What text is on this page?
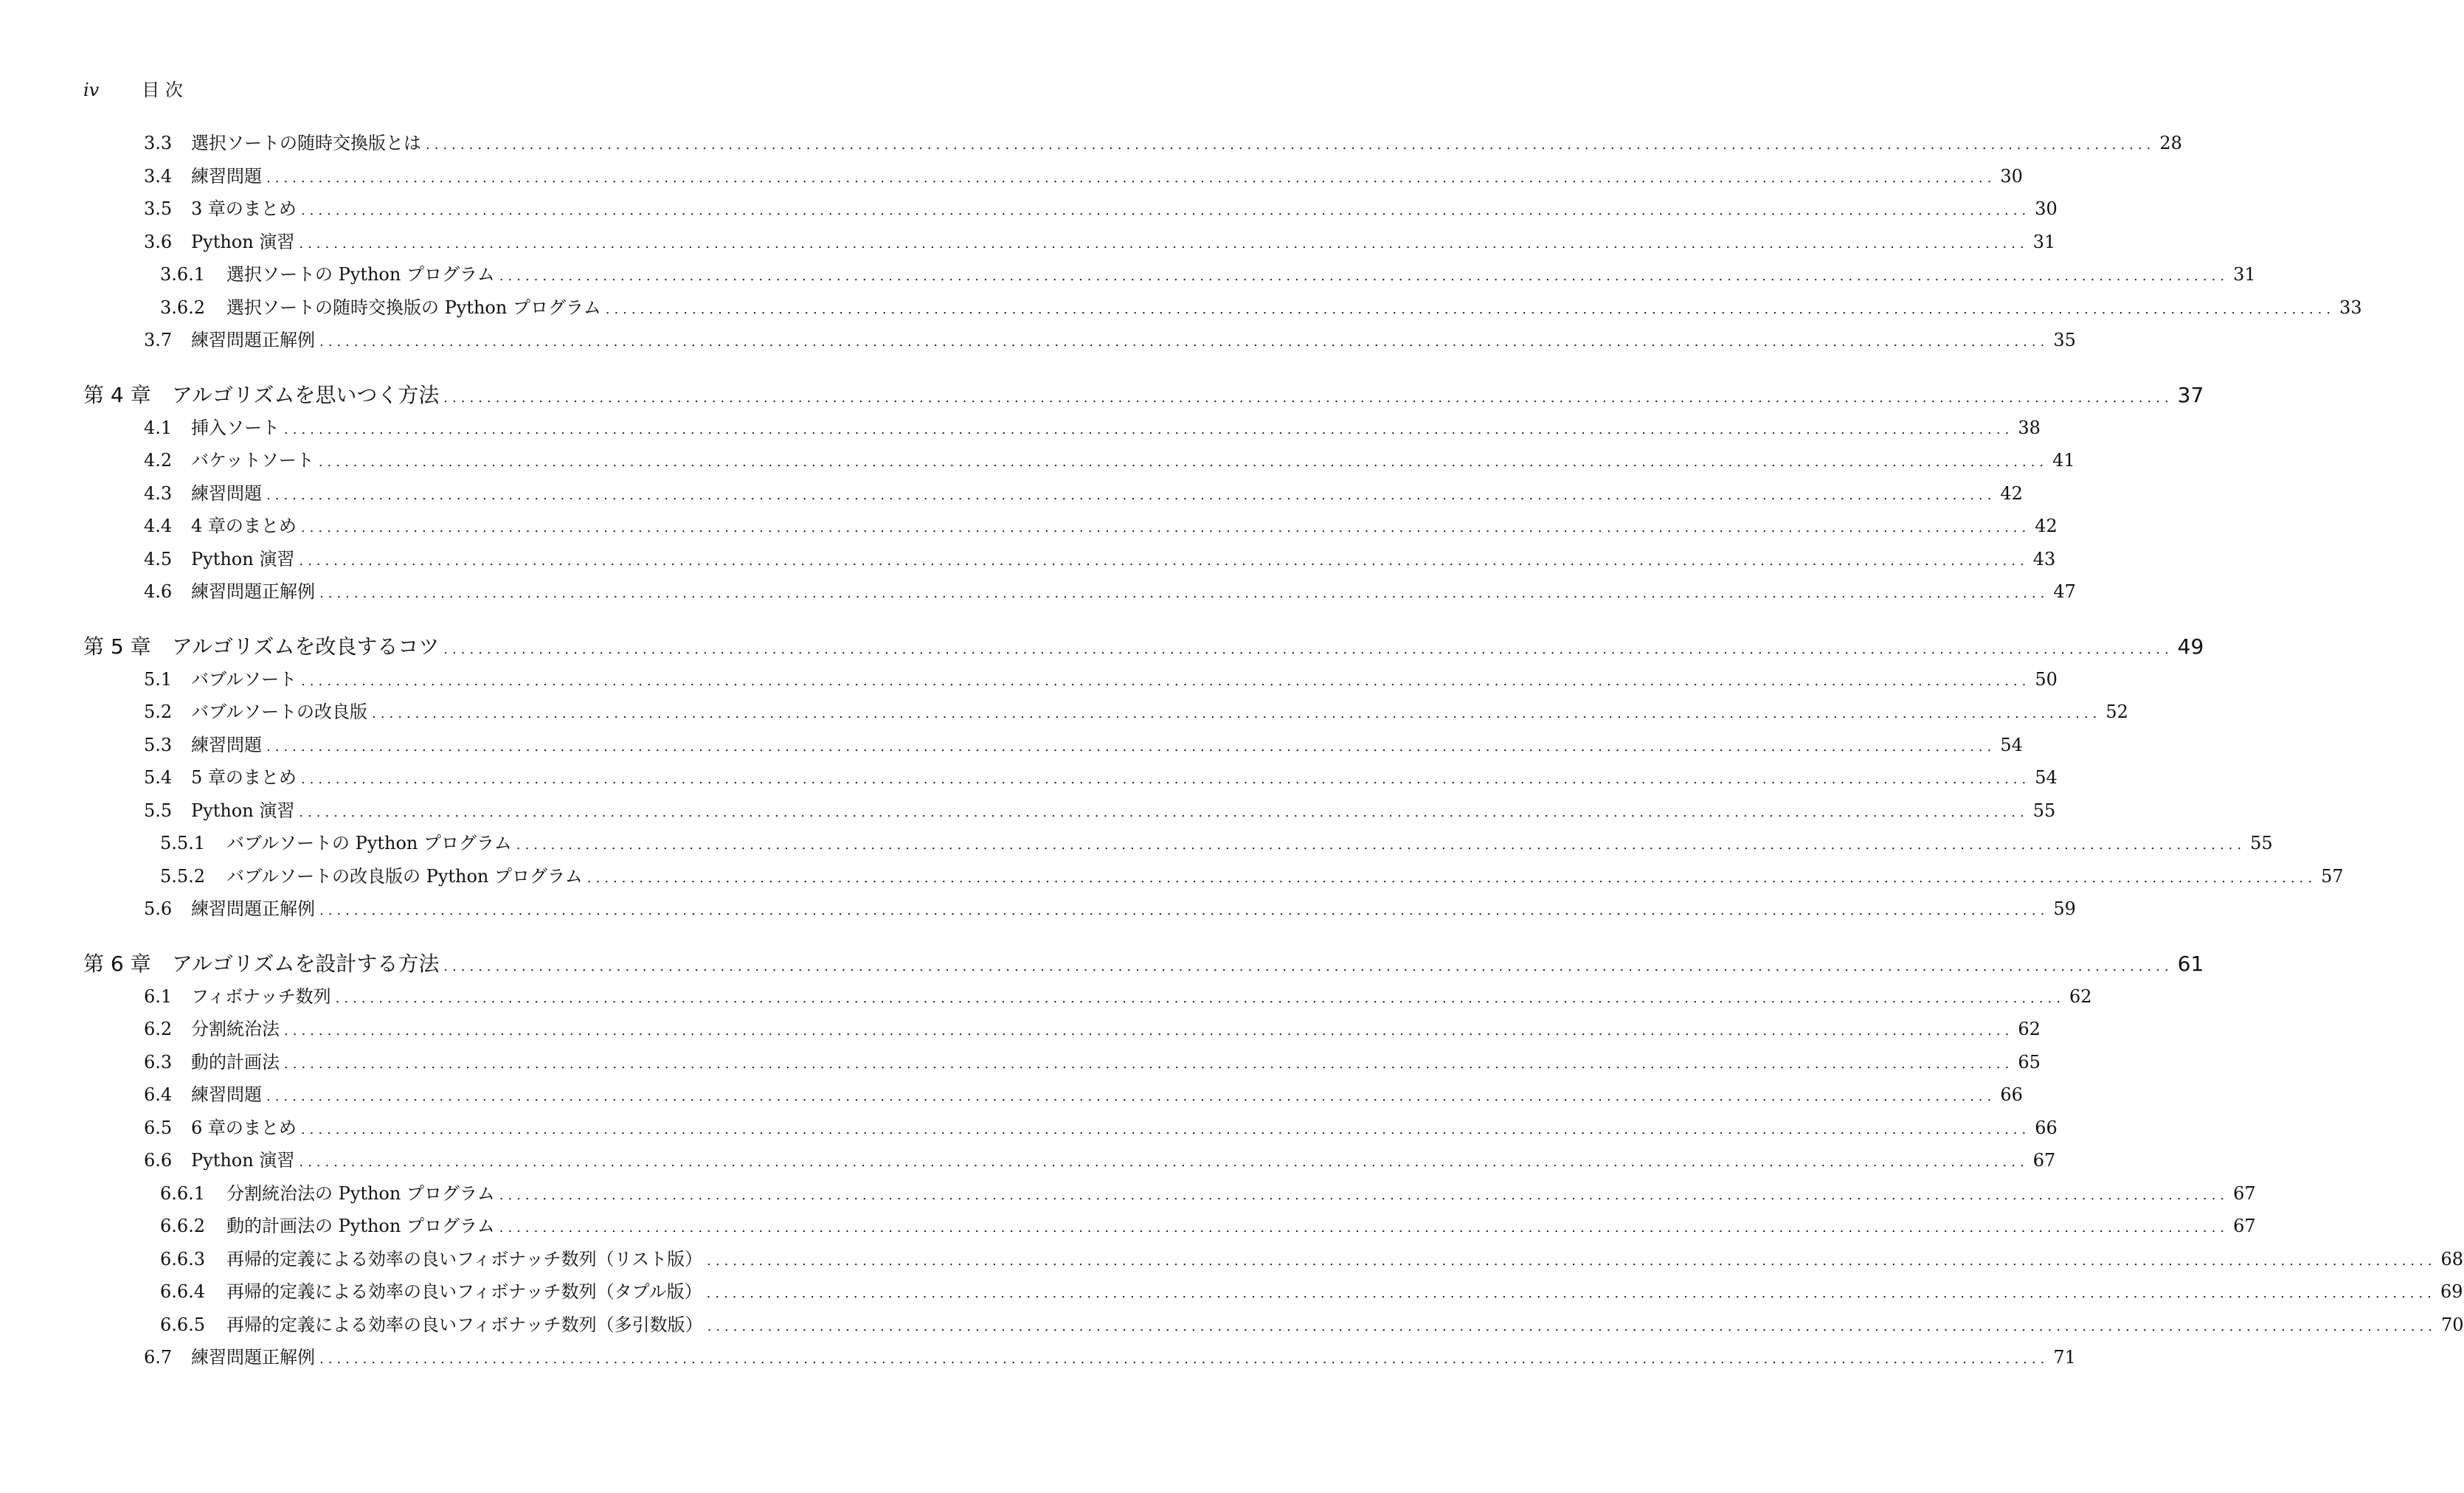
iv 目 次
3.3	選択ソートの随時交換版とは ........................................................................................................................................................................................................ 28
3.4	練習問題 ........................................................................................................................................................................................................ 30
3.5	3 章のまとめ ........................................................................................................................................................................................................ 30
3.6	Python 演習 ........................................................................................................................................................................................................ 31
3.6.1	選択ソートの Python プログラム ........................................................................................................................................................................................................ 31
3.6.2	選択ソートの随時交換版の Python プログラム ........................................................................................................................................................................................................ 33
3.7	練習問題正解例 ........................................................................................................................................................................................................ 35
第 4 章	アルゴリズムを思いつく方法 ........................................................................................................................................................................................................ 37
4.1	挿入ソート ........................................................................................................................................................................................................ 38
4.2	バケットソート ........................................................................................................................................................................................................ 41
4.3	練習問題 ........................................................................................................................................................................................................ 42
4.4	4 章のまとめ ........................................................................................................................................................................................................ 42
4.5	Python 演習 ........................................................................................................................................................................................................ 43
4.6	練習問題正解例 ........................................................................................................................................................................................................ 47
第 5 章	アルゴリズムを改良するコツ ........................................................................................................................................................................................................ 49
5.1	バブルソート ........................................................................................................................................................................................................ 50
5.2	バブルソートの改良版 ........................................................................................................................................................................................................ 52
5.3	練習問題 ........................................................................................................................................................................................................ 54
5.4	5 章のまとめ ........................................................................................................................................................................................................ 54
5.5	Python 演習 ........................................................................................................................................................................................................ 55
5.5.1	バブルソートの Python プログラム ........................................................................................................................................................................................................ 55
5.5.2	バブルソートの改良版の Python プログラム ........................................................................................................................................................................................................ 57
5.6	練習問題正解例 ........................................................................................................................................................................................................ 59
第 6 章	アルゴリズムを設計する方法 ........................................................................................................................................................................................................ 61
6.1	フィボナッチ数列 ........................................................................................................................................................................................................ 62
6.2	分割統治法 ........................................................................................................................................................................................................ 62
6.3	動的計画法 ........................................................................................................................................................................................................ 65
6.4	練習問題 ........................................................................................................................................................................................................ 66
6.5	6 章のまとめ ........................................................................................................................................................................................................ 66
6.6	Python 演習 ........................................................................................................................................................................................................ 67
6.6.1	分割統治法の Python プログラム ........................................................................................................................................................................................................ 67
6.6.2	動的計画法の Python プログラム ........................................................................................................................................................................................................ 67
6.6.3	再帰的定義による効率の良いフィボナッチ数列（リスト版） ........................................................................................................................................................................................................ 68
6.6.4	再帰的定義による効率の良いフィボナッチ数列（タプル版） ........................................................................................................................................................................................................ 69
6.6.5	再帰的定義による効率の良いフィボナッチ数列（多引数版） ........................................................................................................................................................................................................ 70
6.7	練習問題正解例 ........................................................................................................................................................................................................ 71
